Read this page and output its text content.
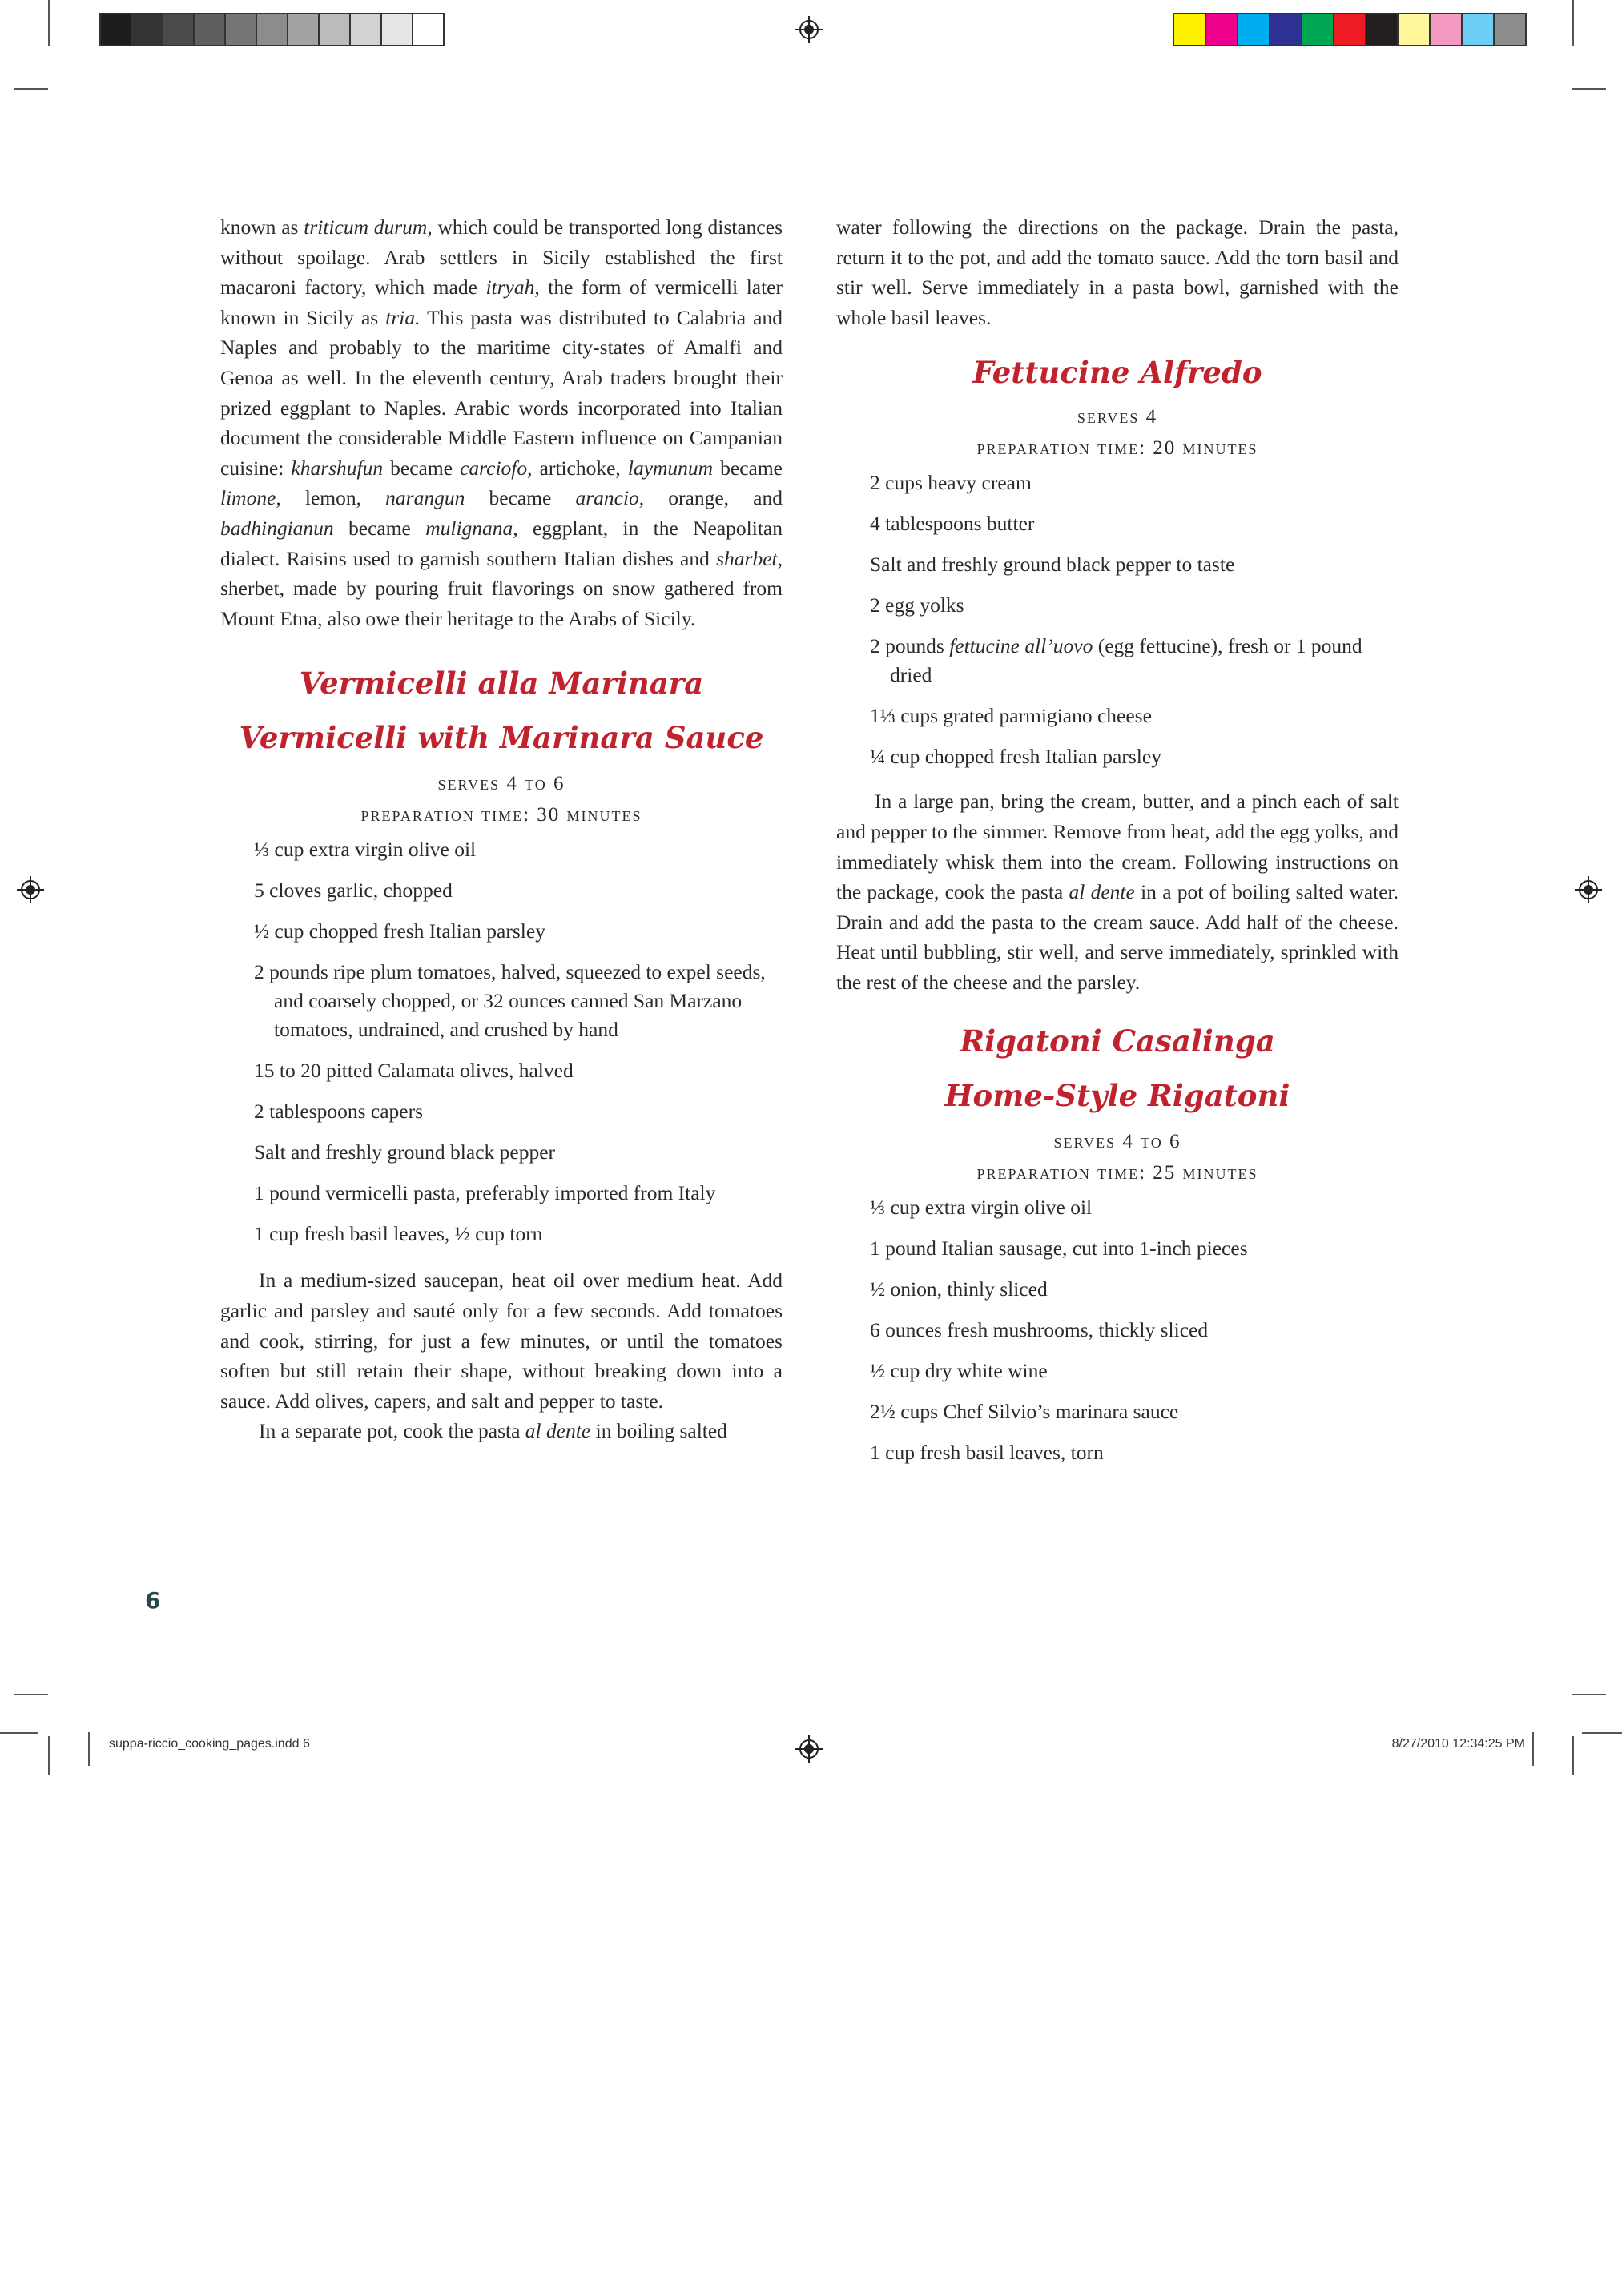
known as triticum durum, which could be transported long distances without spoilage. Arab settlers in Sicily established the first macaroni factory, which made itryah, the form of vermicelli later known in Sicily as tria. This pasta was distributed to Calabria and Naples and probably to the maritime city-states of Amalfi and Genoa as well. In the eleventh century, Arab traders brought their prized eggplant to Naples. Arabic words incorporated into Italian document the considerable Middle Eastern influence on Campanian cuisine: kharshufun became carciofo, artichoke, laymunum became limone, lemon, narangun became arancio, orange, and badhingianun became mulignana, eggplant, in the Neapolitan dialect. Raisins used to garnish southern Italian dishes and sharbet, sherbet, made by pouring fruit flavorings on snow gathered from Mount Etna, also owe their heritage to the Arabs of Sicily.

Vermicelli alla Marinara
Vermicelli with Marinara Sauce
serves 4 to 6
preparation time: 30 minutes
⅓ cup extra virgin olive oil
5 cloves garlic, chopped
½ cup chopped fresh Italian parsley
2 pounds ripe plum tomatoes, halved, squeezed to expel seeds, and coarsely chopped, or 32 ounces canned San Marzano tomatoes, undrained, and crushed by hand
15 to 20 pitted Calamata olives, halved
2 tablespoons capers
Salt and freshly ground black pepper
1 pound vermicelli pasta, preferably imported from Italy
1 cup fresh basil leaves, ½ cup torn

In a medium-sized saucepan, heat oil over medium heat. Add garlic and parsley and sauté only for a few seconds. Add tomatoes and cook, stirring, for just a few minutes, or until the tomatoes soften but still retain their shape, without breaking down into a sauce. Add olives, capers, and salt and pepper to taste.

In a separate pot, cook the pasta al dente in boiling salted

water following the directions on the package. Drain the pasta, return it to the pot, and add the tomato sauce. Add the torn basil and stir well. Serve immediately in a pasta bowl, garnished with the whole basil leaves.

Fettucine Alfredo
serves 4
preparation time: 20 minutes
2 cups heavy cream
4 tablespoons butter
Salt and freshly ground black pepper to taste
2 egg yolks
2 pounds fettucine all’uovo (egg fettucine), fresh or 1 pound dried
1⅓ cups grated parmigiano cheese
¼ cup chopped fresh Italian parsley

In a large pan, bring the cream, butter, and a pinch each of salt and pepper to the simmer. Remove from heat, add the egg yolks, and immediately whisk them into the cream. Following instructions on the package, cook the pasta al dente in a pot of boiling salted water. Drain and add the pasta to the cream sauce. Add half of the cheese. Heat until bubbling, stir well, and serve immediately, sprinkled with the rest of the cheese and the parsley.

Rigatoni Casalinga
Home-Style Rigatoni
serves 4 to 6
preparation time: 25 minutes
⅓ cup extra virgin olive oil
1 pound Italian sausage, cut into 1-inch pieces
½ onion, thinly sliced
6 ounces fresh mushrooms, thickly sliced
½ cup dry white wine
2½ cups Chef Silvio’s marinara sauce
1 cup fresh basil leaves, torn
6
suppa-riccio_cooking_pages.indd 6	8/27/2010 12:34:25 PM
